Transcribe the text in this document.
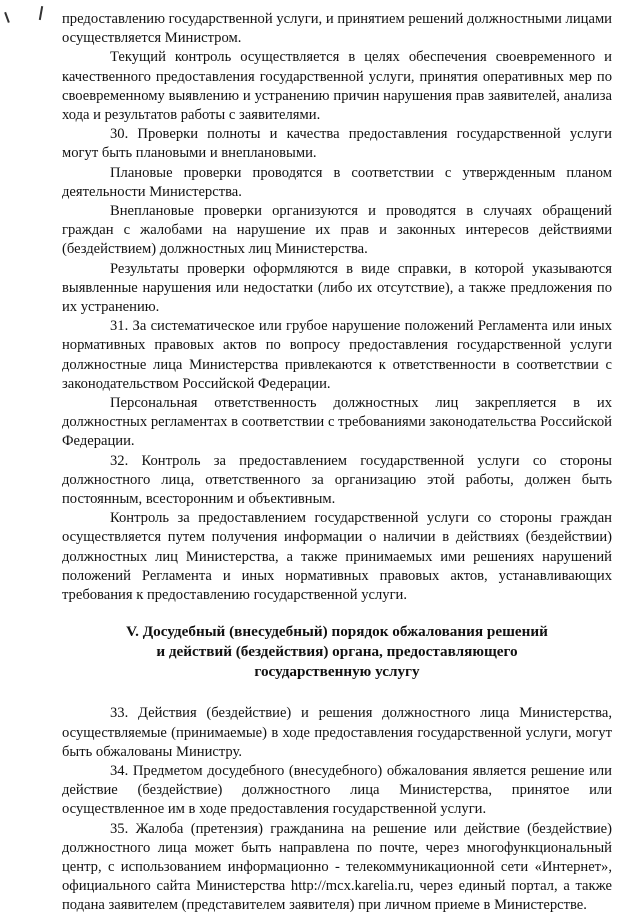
предоставлению государственной услуги, и принятием решений должностными лицами осуществляется Министром.

Текущий контроль осуществляется в целях обеспечения своевременного и качественного предоставления государственной услуги, принятия оперативных мер по своевременному выявлению и устранению причин нарушения прав заявителей, анализа хода и результатов работы с заявителями.

30. Проверки полноты и качества предоставления государственной услуги могут быть плановыми и внеплановыми.

Плановые проверки проводятся в соответствии с утвержденным планом деятельности Министерства.

Внеплановые проверки организуются и проводятся в случаях обращений граждан с жалобами на нарушение их прав и законных интересов действиями (бездействием) должностных лиц Министерства.

Результаты проверки оформляются в виде справки, в которой указываются выявленные нарушения или недостатки (либо их отсутствие), а также предложения по их устранению.

31. За систематическое или грубое нарушение положений Регламента или иных нормативных правовых актов по вопросу предоставления государственной услуги должностные лица Министерства привлекаются к ответственности в соответствии с законодательством Российской Федерации.

Персональная ответственность должностных лиц закрепляется в их должностных регламентах в соответствии с требованиями законодательства Российской Федерации.

32. Контроль за предоставлением государственной услуги со стороны должностного лица, ответственного за организацию этой работы, должен быть постоянным, всесторонним и объективным.

Контроль за предоставлением государственной услуги со стороны граждан осуществляется путем получения информации о наличии в действиях (бездействии) должностных лиц Министерства, а также принимаемых ими решениях нарушений положений Регламента и иных нормативных правовых актов, устанавливающих требования к предоставлению государственной услуги.

V. Досудебный (внесудебный) порядок обжалования решений
и действий (бездействия) органа, предоставляющего
государственную услугу

33. Действия (бездействие) и решения должностного лица Министерства, осуществляемые (принимаемые) в ходе предоставления государственной услуги, могут быть обжалованы Министру.

34. Предметом досудебного (внесудебного) обжалования является решение или действие (бездействие) должностного лица Министерства, принятое или осуществленное им в ходе предоставления государственной услуги.

35. Жалоба (претензия) гражданина на решение или действие (бездействие) должностного лица может быть направлена по почте, через многофункциональный центр, с использованием информационно - телекоммуникационной сети «Интернет», официального сайта Министерства http://mcx.karelia.ru, через единый портал, а также подана заявителем (представителем заявителя) при личном приеме в Министерстве.
